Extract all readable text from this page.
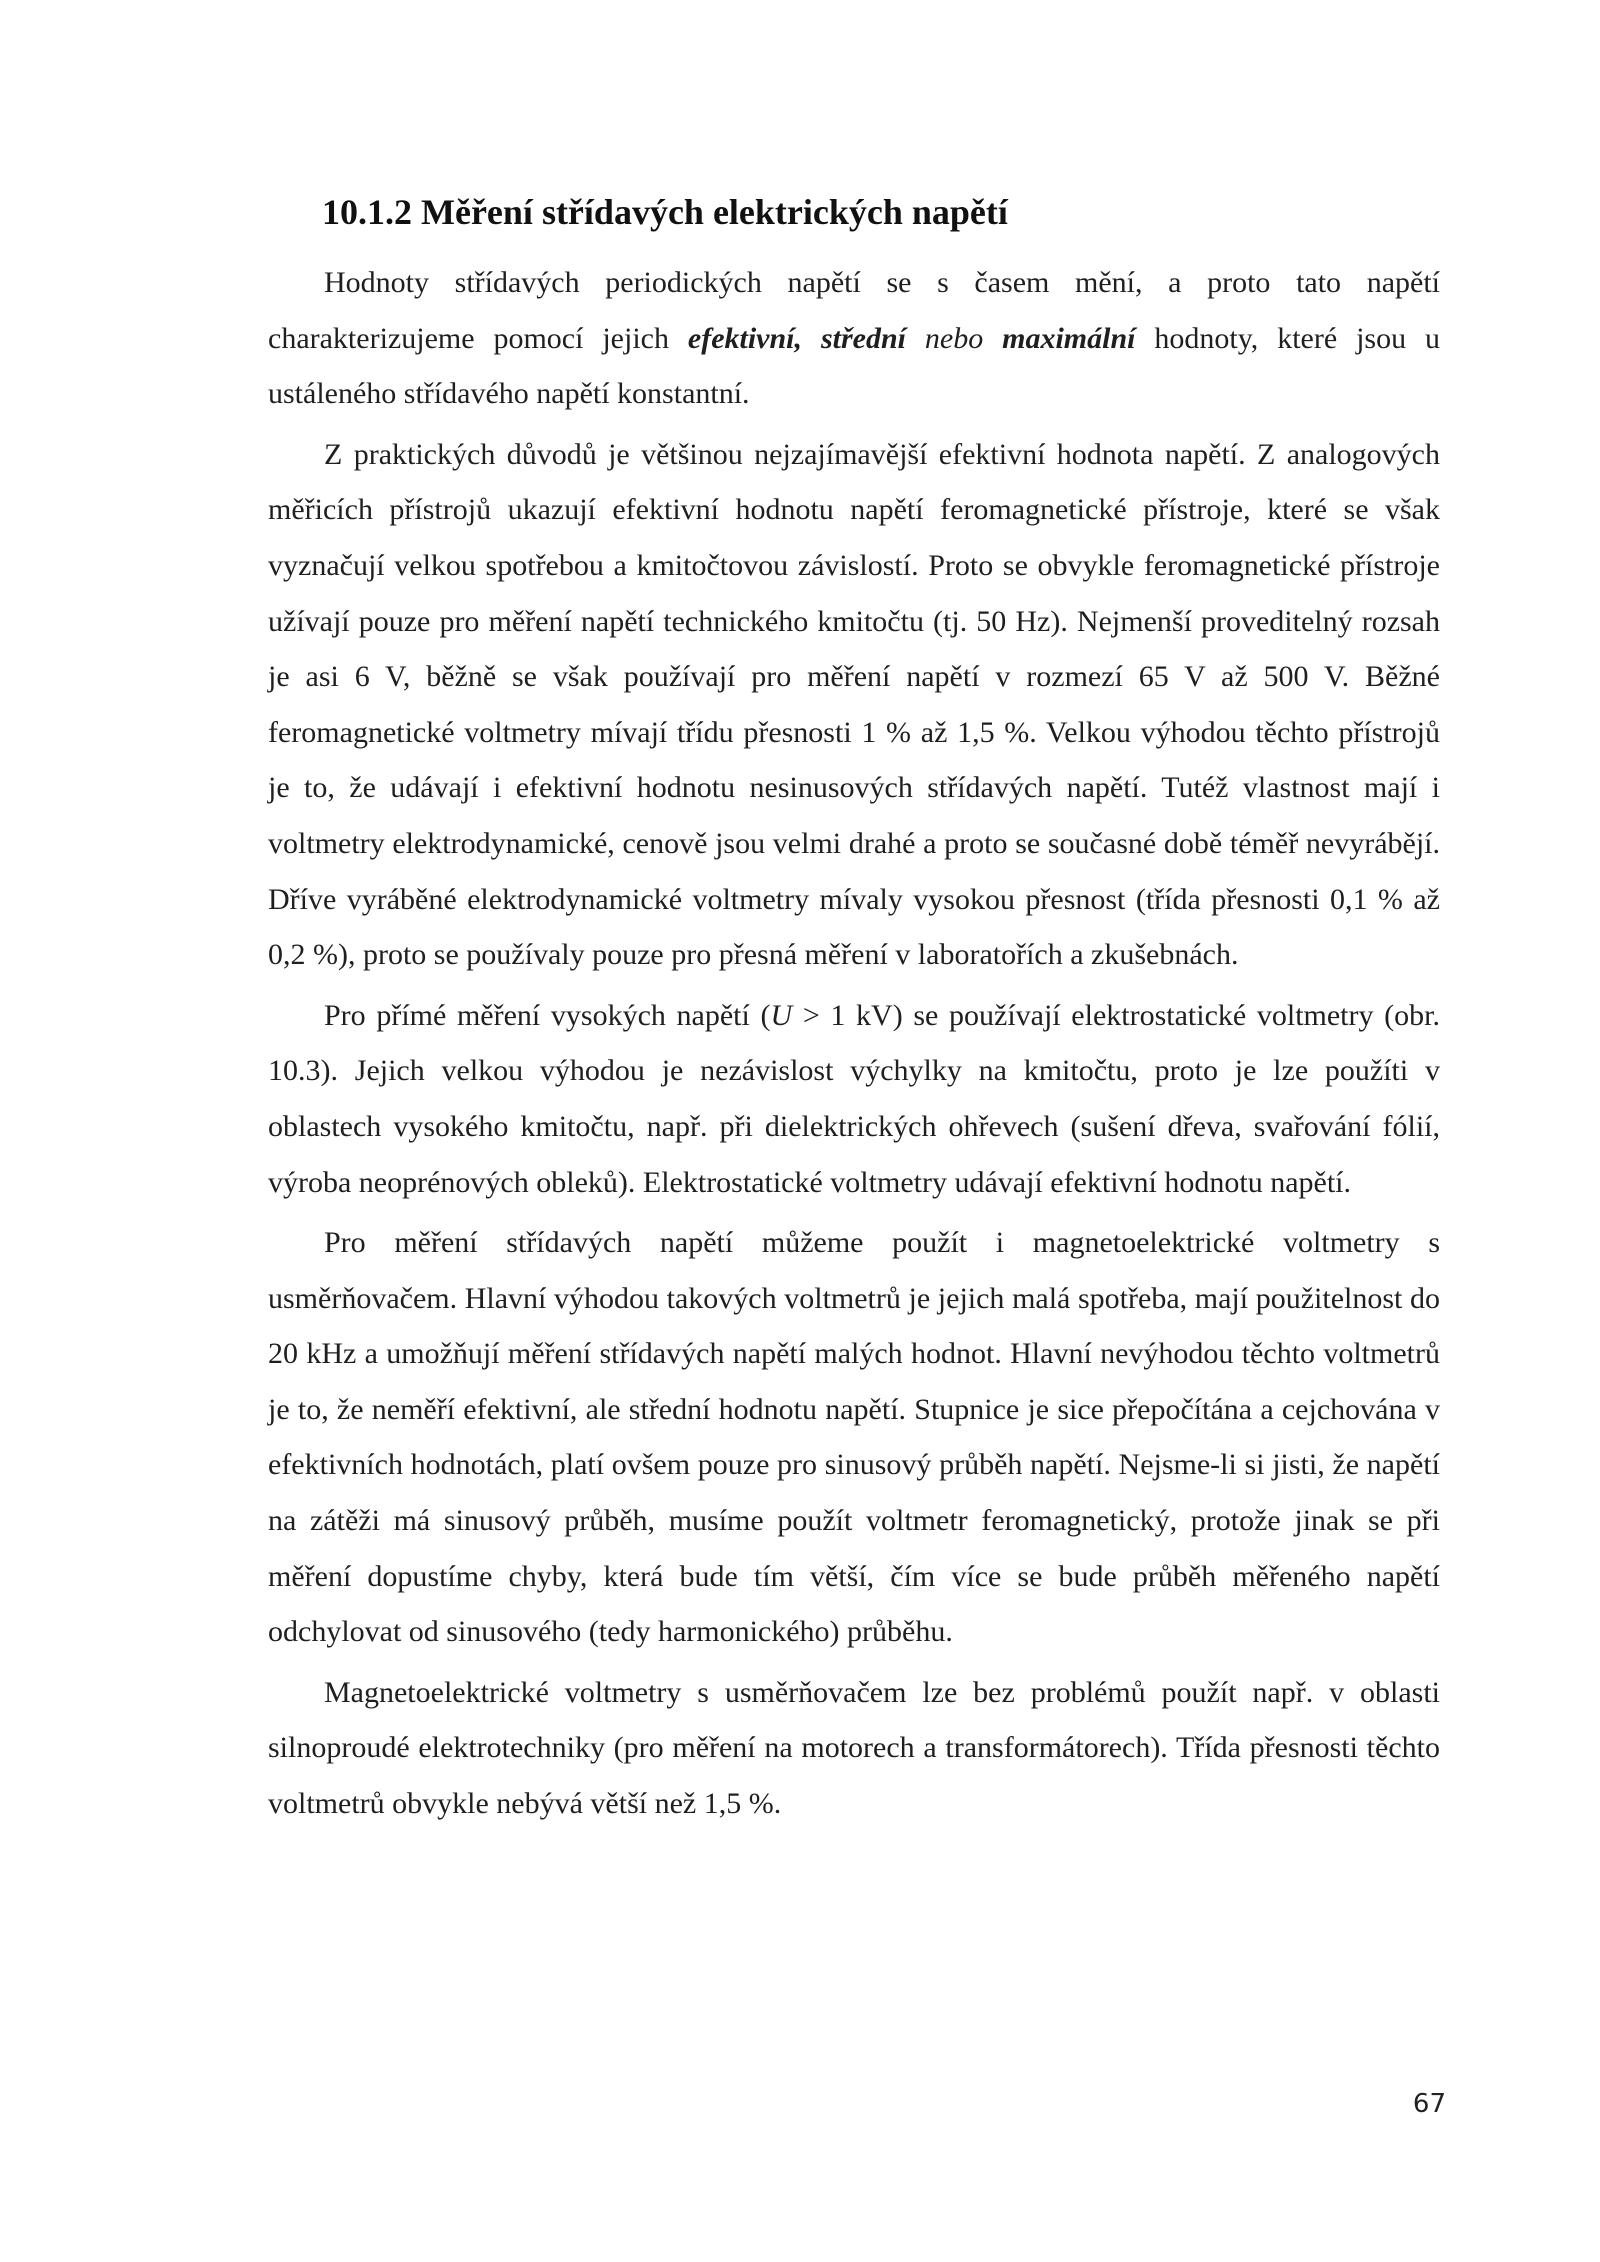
10.1.2 Měření střídavých elektrických napětí

Hodnoty střídavých periodických napětí se s časem mění, a proto tato napětí charakterizujeme pomocí jejich efektivní, střední nebo maximální hodnoty, které jsou u ustáleného střídavého napětí konstantní.

Z praktických důvodů je většinou nejzajímavější efektivní hodnota napětí. Z analogových měřicích přístrojů ukazují efektivní hodnotu napětí feromagnetické přístroje, které se však vyznačují velkou spotřebou a kmitočtovou závislostí. Proto se obvykle feromagnetické přístroje užívají pouze pro měření napětí technického kmitočtu (tj. 50 Hz). Nejmenší proveditelný rozsah je asi 6 V, běžně se však používají pro měření napětí v rozmezí 65 V až 500 V. Běžné feromagnetické voltmetry mívají třídu přesnosti 1 % až 1,5 %. Velkou výhodou těchto přístrojů je to, že udávají i efektivní hodnotu nesinusových střídavých napětí. Tutéž vlastnost mají i voltmetry elektrodynamické, cenově jsou velmi drahé a proto se současné době téměř nevyrábějí. Dříve vyráběné elektrodynamické voltmetry mívaly vysokou přesnost (třída přesnosti 0,1 % až 0,2 %), proto se používaly pouze pro přesná měření v laboratořích a zkušebnách.

Pro přímé měření vysokých napětí (U > 1 kV) se používají elektrostatické voltmetry (obr. 10.3). Jejich velkou výhodou je nezávislost výchylky na kmitočtu, proto je lze použíti v oblastech vysokého kmitočtu, např. při dielektrických ohřevech (sušení dřeva, svařování fólií, výroba neoprénových obleků). Elektrostatické voltmetry udávají efektivní hodnotu napětí.

Pro měření střídavých napětí můžeme použít i magnetoelektrické voltmetry s usměrňovačem. Hlavní výhodou takových voltmetrů je jejich malá spotřeba, mají použitelnost do 20 kHz a umožňují měření střídavých napětí malých hodnot. Hlavní nevýhodou těchto voltmetrů je to, že neměří efektivní, ale střední hodnotu napětí. Stupnice je sice přepočítána a cejchována v efektivních hodnotách, platí ovšem pouze pro sinusový průběh napětí. Nejsme-li si jisti, že napětí na zátěži má sinusový průběh, musíme použít voltmetr feromagnetický, protože jinak se při měření dopustíme chyby, která bude tím větší, čím více se bude průběh měřeného napětí odchylovat od sinusového (tedy harmonického) průběhu.

Magnetoelektrické voltmetry s usměrňovačem lze bez problémů použít např. v oblasti silnoproudé elektrotechniky (pro měření na motorech a transformátorech). Třída přesnosti těchto voltmetrů obvykle nebývá větší než 1,5 %.

67
